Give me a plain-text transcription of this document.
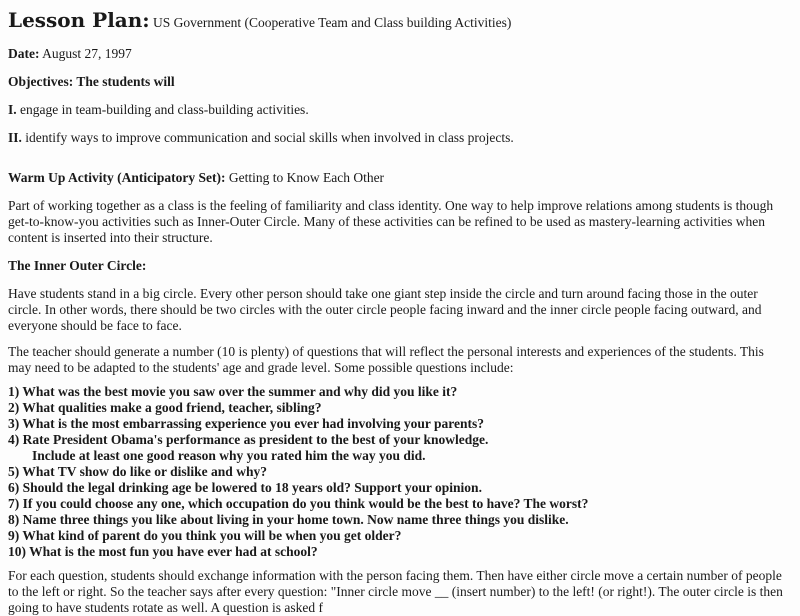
Lesson Plan: US Government (Cooperative Team and Class building Activities)

Date: August 27, 1997

Objectives: The students will

I. engage in team-building and class-building activities.

II. identify ways to improve communication and social skills when involved in class projects.

Warm Up Activity (Anticipatory Set): Getting to Know Each Other

Part of working together as a class is the feeling of familiarity and class identity. One way to help improve relations among students is though get-to-know-you activities such as Inner-Outer Circle. Many of these activities can be refined to be used as mastery-learning activities when content is inserted into their structure.

The Inner Outer Circle:

Have students stand in a big circle. Every other person should take one giant step inside the circle and turn around facing those in the outer circle. In other words, there should be two circles with the outer circle people facing inward and the inner circle people facing outward, and everyone should be face to face.

The teacher should generate a number (10 is plenty) of questions that will reflect the personal interests and experiences of the students. This may need to be adapted to the students' age and grade level. Some possible questions include:

1) What was the best movie you saw over the summer and why did you like it?
2) What qualities make a good friend, teacher, sibling?
3) What is the most embarrassing experience you ever had involving your parents?
4) Rate President Obama's performance as president to the best of your knowledge.
Include at least one good reason why you rated him the way you did.
5) What TV show do like or dislike and why?
6) Should the legal drinking age be lowered to 18 years old? Support your opinion.
7) If you could choose any one, which occupation do you think would be the best to have? The worst?
8) Name three things you like about living in your home town. Now name three things you dislike.
9) What kind of parent do you think you will be when you get older?
10) What is the most fun you have ever had at school?

For each question, students should exchange information with the person facing them. Then have either circle move a certain number of people to the left or right. So the teacher says after every question: "Inner circle move __ (insert number) to the left! (or right!). The outer circle is then going to have students rotate as well. A question is asked f
